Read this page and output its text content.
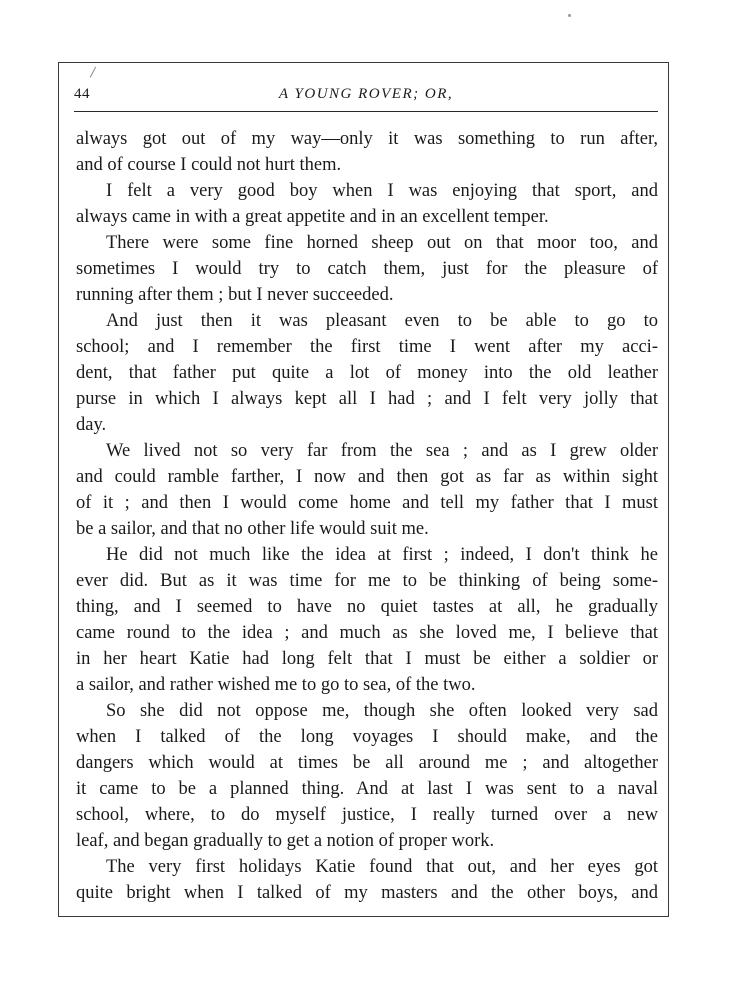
44	A YOUNG ROVER; OR,
always got out of my way—only it was something to run after,
and of course I could not hurt them.
I felt a very good boy when I was enjoying that sport, and
always came in with a great appetite and in an excellent temper.
There were some fine horned sheep out on that moor too, and
sometimes I would try to catch them, just for the pleasure of
running after them ; but I never succeeded.
And just then it was pleasant even to be able to go to
school; and I remember the first time I went after my acci-
dent, that father put quite a lot of money into the old leather
purse in which I always kept all I had ; and I felt very jolly that
day.
We lived not so very far from the sea ; and as I grew older
and could ramble farther, I now and then got as far as within sight
of it ; and then I would come home and tell my father that I must
be a sailor, and that no other life would suit me.
He did not much like the idea at first ; indeed, I don't think he
ever did. But as it was time for me to be thinking of being some-
thing, and I seemed to have no quiet tastes at all, he gradually
came round to the idea ; and much as she loved me, I believe that
in her heart Katie had long felt that I must be either a soldier or
a sailor, and rather wished me to go to sea, of the two.
So she did not oppose me, though she often looked very sad
when I talked of the long voyages I should make, and the
dangers which would at times be all around me ; and altogether
it came to be a planned thing. And at last I was sent to a naval
school, where, to do myself justice, I really turned over a new
leaf, and began gradually to get a notion of proper work.
The very first holidays Katie found that out, and her eyes got
quite bright when I talked of my masters and the other boys, and
